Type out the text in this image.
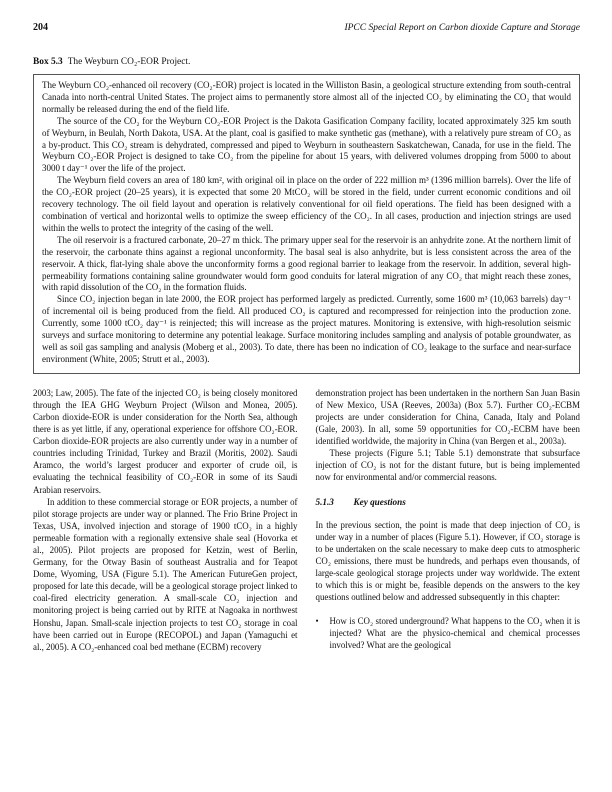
204	IPCC Special Report on Carbon dioxide Capture and Storage
Box 5.3 The Weyburn CO₂-EOR Project.

The Weyburn CO₂-enhanced oil recovery (CO₂-EOR) project is located in the Williston Basin, a geological structure extending from south-central Canada into north-central United States. The project aims to permanently store almost all of the injected CO₂ by eliminating the CO₂ that would normally be released during the end of the field life.

The source of the CO₂ for the Weyburn CO₂-EOR Project is the Dakota Gasification Company facility, located approximately 325 km south of Weyburn, in Beulah, North Dakota, USA. At the plant, coal is gasified to make synthetic gas (methane), with a relatively pure stream of CO₂ as a by-product. This CO₂ stream is dehydrated, compressed and piped to Weyburn in southeastern Saskatchewan, Canada, for use in the field. The Weyburn CO₂-EOR Project is designed to take CO₂ from the pipeline for about 15 years, with delivered volumes dropping from 5000 to about 3000 t day⁻¹ over the life of the project.

The Weyburn field covers an area of 180 km², with original oil in place on the order of 222 million m³ (1396 million barrels). Over the life of the CO₂-EOR project (20–25 years), it is expected that some 20 MtCO₂ will be stored in the field, under current economic conditions and oil recovery technology. The oil field layout and operation is relatively conventional for oil field operations. The field has been designed with a combination of vertical and horizontal wells to optimize the sweep efficiency of the CO₂. In all cases, production and injection strings are used within the wells to protect the integrity of the casing of the well.

The oil reservoir is a fractured carbonate, 20–27 m thick. The primary upper seal for the reservoir is an anhydrite zone. At the northern limit of the reservoir, the carbonate thins against a regional unconformity. The basal seal is also anhydrite, but is less consistent across the area of the reservoir. A thick, flat-lying shale above the unconformity forms a good regional barrier to leakage from the reservoir. In addition, several high-permeability formations containing saline groundwater would form good conduits for lateral migration of any CO₂ that might reach these zones, with rapid dissolution of the CO₂ in the formation fluids.

Since CO₂ injection began in late 2000, the EOR project has performed largely as predicted. Currently, some 1600 m³ (10,063 barrels) day⁻¹ of incremental oil is being produced from the field. All produced CO₂ is captured and recompressed for reinjection into the production zone. Currently, some 1000 tCO₂ day⁻¹ is reinjected; this will increase as the project matures. Monitoring is extensive, with high-resolution seismic surveys and surface monitoring to determine any potential leakage. Surface monitoring includes sampling and analysis of potable groundwater, as well as soil gas sampling and analysis (Moberg et al., 2003). To date, there has been no indication of CO₂ leakage to the surface and near-surface environment (White, 2005; Strutt et al., 2003).

2003; Law, 2005). The fate of the injected CO₂ is being closely monitored through the IEA GHG Weyburn Project (Wilson and Monea, 2005). Carbon dioxide-EOR is under consideration for the North Sea, although there is as yet little, if any, operational experience for offshore CO₂-EOR. Carbon dioxide-EOR projects are also currently under way in a number of countries including Trinidad, Turkey and Brazil (Moritis, 2002). Saudi Aramco, the world’s largest producer and exporter of crude oil, is evaluating the technical feasibility of CO₂-EOR in some of its Saudi Arabian reservoirs.

In addition to these commercial storage or EOR projects, a number of pilot storage projects are under way or planned. The Frio Brine Project in Texas, USA, involved injection and storage of 1900 tCO₂ in a highly permeable formation with a regionally extensive shale seal (Hovorka et al., 2005). Pilot projects are proposed for Ketzin, west of Berlin, Germany, for the Otway Basin of southeast Australia and for Teapot Dome, Wyoming, USA (Figure 5.1). The American FutureGen project, proposed for late this decade, will be a geological storage project linked to coal-fired electricity generation. A small-scale CO₂ injection and monitoring project is being carried out by RITE at Nagoaka in northwest Honshu, Japan. Small-scale injection projects to test CO₂ storage in coal have been carried out in Europe (RECOPOL) and Japan (Yamaguchi et al., 2005). A CO₂-enhanced coal bed methane (ECBM) recovery

demonstration project has been undertaken in the northern San Juan Basin of New Mexico, USA (Reeves, 2003a) (Box 5.7). Further CO₂-ECBM projects are under consideration for China, Canada, Italy and Poland (Gale, 2003). In all, some 59 opportunities for CO₂-ECBM have been identified worldwide, the majority in China (van Bergen et al., 2003a).

These projects (Figure 5.1; Table 5.1) demonstrate that subsurface injection of CO₂ is not for the distant future, but is being implemented now for environmental and/or commercial reasons.

5.1.3 Key questions

In the previous section, the point is made that deep injection of CO₂ is under way in a number of places (Figure 5.1). However, if CO₂ storage is to be undertaken on the scale necessary to make deep cuts to atmospheric CO₂ emissions, there must be hundreds, and perhaps even thousands, of large-scale geological storage projects under way worldwide. The extent to which this is or might be, feasible depends on the answers to the key questions outlined below and addressed subsequently in this chapter:

•	How is CO₂ stored underground? What happens to the CO₂ when it is injected? What are the physico-chemical and chemical processes involved? What are the geological
